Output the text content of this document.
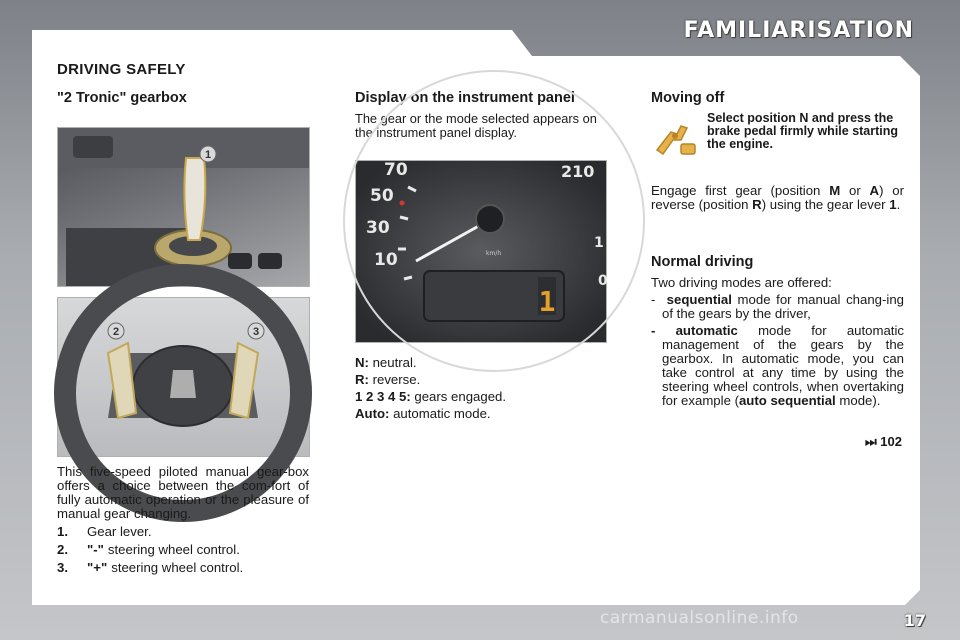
FAMILIARISATION
DRIVING SAFELY
"2 Tronic" gearbox
1
2	3

This five-speed piloted manual gear-box offers a choice between the com-fort of fully automatic operation or the pleasure of manual gear changing.

1.	Gear lever.
2.	"-" steering wheel control.
3.	"+" steering wheel control.
Display on the instrument panel

The gear or the mode selected appears on the instrument panel display.

70
50
30
10
210
1
0
km/h
1
N: neutral.
R: reverse.
1 2 3 4 5: gears engaged.
Auto: automatic mode.
Moving off
Select position N and press the brake pedal firmly while starting the engine.

Engage first gear (position M or A) or reverse (position R) using the gear lever 1.

Normal driving

Two driving modes are offered:

- sequential mode for manual chang-ing of the gears by the driver,

- automatic mode for automatic management of the gears by the gearbox. In automatic mode, you can take control at any time by using the steering wheel controls, when overtaking for example (auto sequential mode).

⏭ 102
carmanualsonline.info	17
